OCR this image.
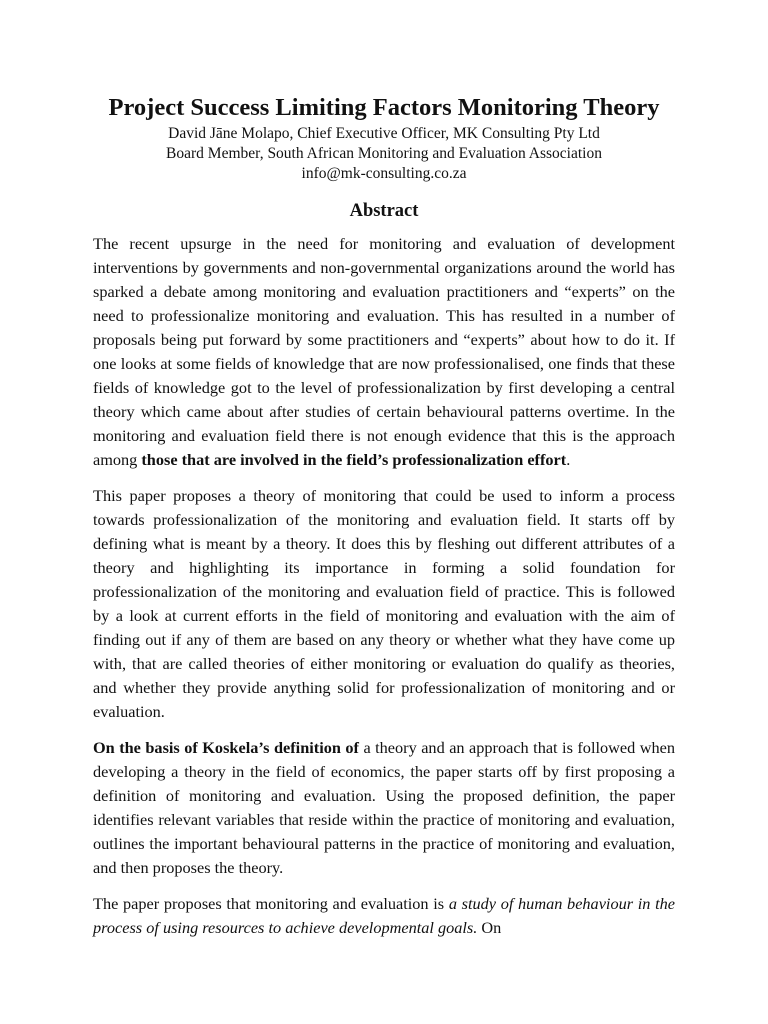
Project Success Limiting Factors Monitoring Theory

David Jāne Molapo, Chief Executive Officer, MK Consulting Pty Ltd
Board Member, South African Monitoring and Evaluation Association
info@mk-consulting.co.za

Abstract

The recent upsurge in the need for monitoring and evaluation of development interventions by governments and non-governmental organizations around the world has sparked a debate among monitoring and evaluation practitioners and “experts” on the need to professionalize monitoring and evaluation. This has resulted in a number of proposals being put forward by some practitioners and “experts” about how to do it. If one looks at some fields of knowledge that are now professionalised, one finds that these fields of knowledge got to the level of professionalization by first developing a central theory which came about after studies of certain behavioural patterns overtime. In the monitoring and evaluation field there is not enough evidence that this is the approach among those that are involved in the field’s professionalization effort.

This paper proposes a theory of monitoring that could be used to inform a process towards professionalization of the monitoring and evaluation field. It starts off by defining what is meant by a theory. It does this by fleshing out different attributes of a theory and highlighting its importance in forming a solid foundation for professionalization of the monitoring and evaluation field of practice. This is followed by a look at current efforts in the field of monitoring and evaluation with the aim of finding out if any of them are based on any theory or whether what they have come up with, that are called theories of either monitoring or evaluation do qualify as theories, and whether they provide anything solid for professionalization of monitoring and or evaluation.

On the basis of Koskela’s definition of a theory and an approach that is followed when developing a theory in the field of economics, the paper starts off by first proposing a definition of monitoring and evaluation. Using the proposed definition, the paper identifies relevant variables that reside within the practice of monitoring and evaluation, outlines the important behavioural patterns in the practice of monitoring and evaluation, and then proposes the theory.

The paper proposes that monitoring and evaluation is a study of human behaviour in the process of using resources to achieve developmental goals. On
